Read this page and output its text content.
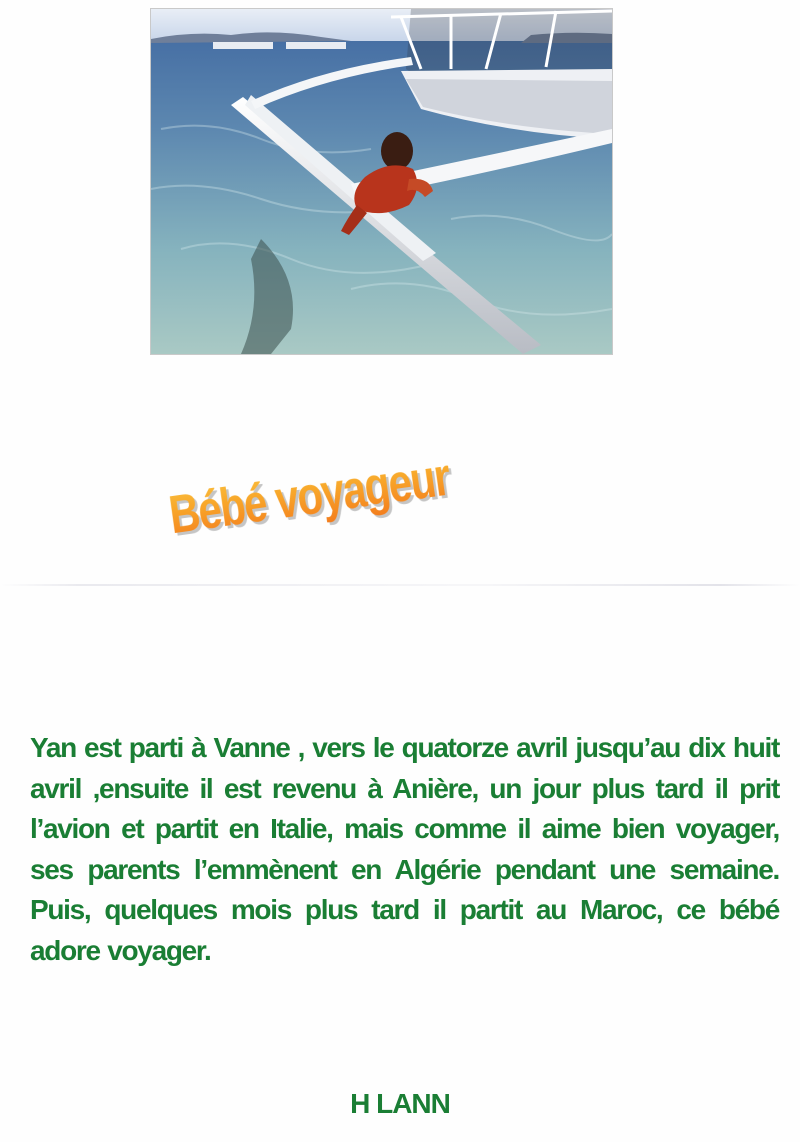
Bébé voyageur

Yan est parti à Vanne , vers le quatorze avril jusqu’au dix huit avril ,ensuite il est revenu à Anière, un jour plus tard il prit l’avion et partit en Italie, mais comme il aime bien voyager, ses parents l’emmènent en Algérie pendant une semaine. Puis, quelques mois plus tard il partit au Maroc, ce bébé adore voyager.

H LANN
